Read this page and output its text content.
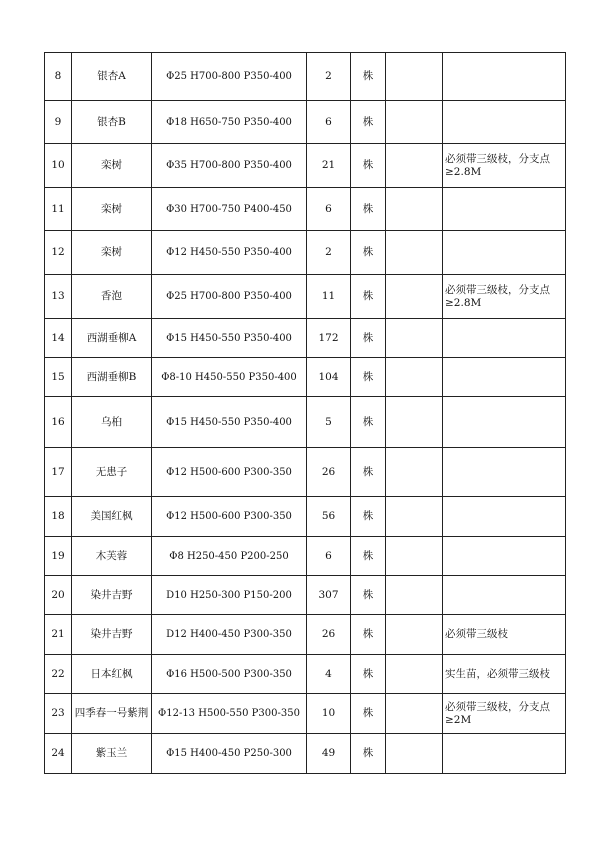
8	银杏A	Φ25 H700-800 P350-400	2	株		
9	银杏B	Φ18 H650-750 P350-400	6	株		
10	栾树	Φ35 H700-800 P350-400	21	株		必须带三级枝，分支点≥2.8M
11	栾树	Φ30 H700-750 P400-450	6	株		
12	栾树	Φ12 H450-550 P350-400	2	株		
13	香泡	Φ25 H700-800 P350-400	11	株		必须带三级枝，分支点≥2.8M
14	西湖垂柳A	Φ15 H450-550 P350-400	172	株		
15	西湖垂柳B	Φ8-10 H450-550 P350-400	104	株		
16	乌桕	Φ15 H450-550 P350-400	5	株		
17	无患子	Φ12 H500-600 P300-350	26	株		
18	美国红枫	Φ12 H500-600 P300-350	56	株		
19	木芙蓉	Φ8 H250-450 P200-250	6	株		
20	染井吉野	D10 H250-300 P150-200	307	株		
21	染井吉野	D12 H400-450 P300-350	26	株		必须带三级枝
22	日本红枫	Φ16 H500-500 P300-350	4	株		实生苗，必须带三级枝
23	四季春一号紫荆	Φ12-13 H500-550 P300-350	10	株		必须带三级枝，分支点≥2M
24	紫玉兰	Φ15 H400-450 P250-300	49	株		
